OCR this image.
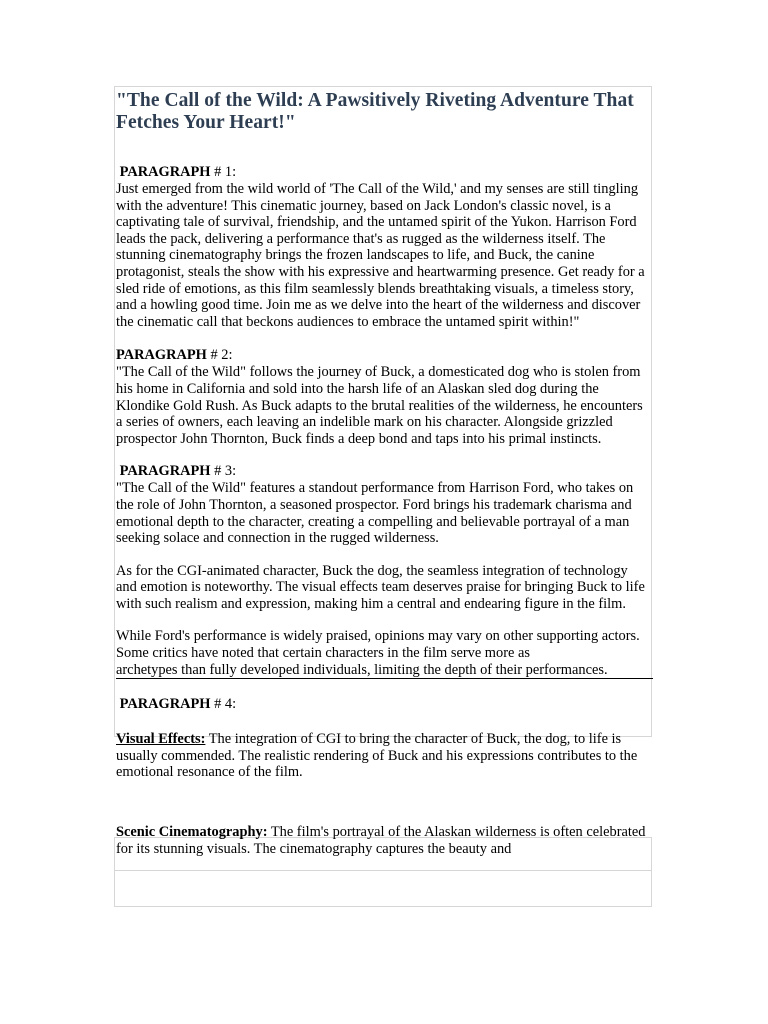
"The Call of the Wild: A Pawsitively Riveting Adventure That Fetches Your Heart!"

PARAGRAPH # 1:

Just emerged from the wild world of 'The Call of the Wild,' and my senses are still tingling with the adventure! This cinematic journey, based on Jack London's classic novel, is a captivating tale of survival, friendship, and the untamed spirit of the Yukon. Harrison Ford leads the pack, delivering a performance that's as rugged as the wilderness itself. The stunning cinematography brings the frozen landscapes to life, and Buck, the canine protagonist, steals the show with his expressive and heartwarming presence. Get ready for a sled ride of emotions, as this film seamlessly blends breathtaking visuals, a timeless story, and a howling good time. Join me as we delve into the heart of the wilderness and discover the cinematic call that beckons audiences to embrace the untamed spirit within!"

PARAGRAPH # 2:

"The Call of the Wild" follows the journey of Buck, a domesticated dog who is stolen from his home in California and sold into the harsh life of an Alaskan sled dog during the Klondike Gold Rush. As Buck adapts to the brutal realities of the wilderness, he encounters a series of owners, each leaving an indelible mark on his character. Alongside grizzled prospector John Thornton, Buck finds a deep bond and taps into his primal instincts.

PARAGRAPH # 3:

"The Call of the Wild" features a standout performance from Harrison Ford, who takes on the role of John Thornton, a seasoned prospector. Ford brings his trademark charisma and emotional depth to the character, creating a compelling and believable portrayal of a man seeking solace and connection in the rugged wilderness.

As for the CGI-animated character, Buck the dog, the seamless integration of technology and emotion is noteworthy. The visual effects team deserves praise for bringing Buck to life with such realism and expression, making him a central and endearing figure in the film.

While Ford's performance is widely praised, opinions may vary on other supporting actors. Some critics have noted that certain characters in the film serve more as
archetypes than fully developed individuals, limiting the depth of their performances.

PARAGRAPH # 4:

Visual Effects: The integration of CGI to bring the character of Buck, the dog, to life is usually commended. The realistic rendering of Buck and his expressions contributes to the emotional resonance of the film.

Scenic Cinematography: The film's portrayal of the Alaskan wilderness is often celebrated for its stunning visuals. The cinematography captures the beauty and
